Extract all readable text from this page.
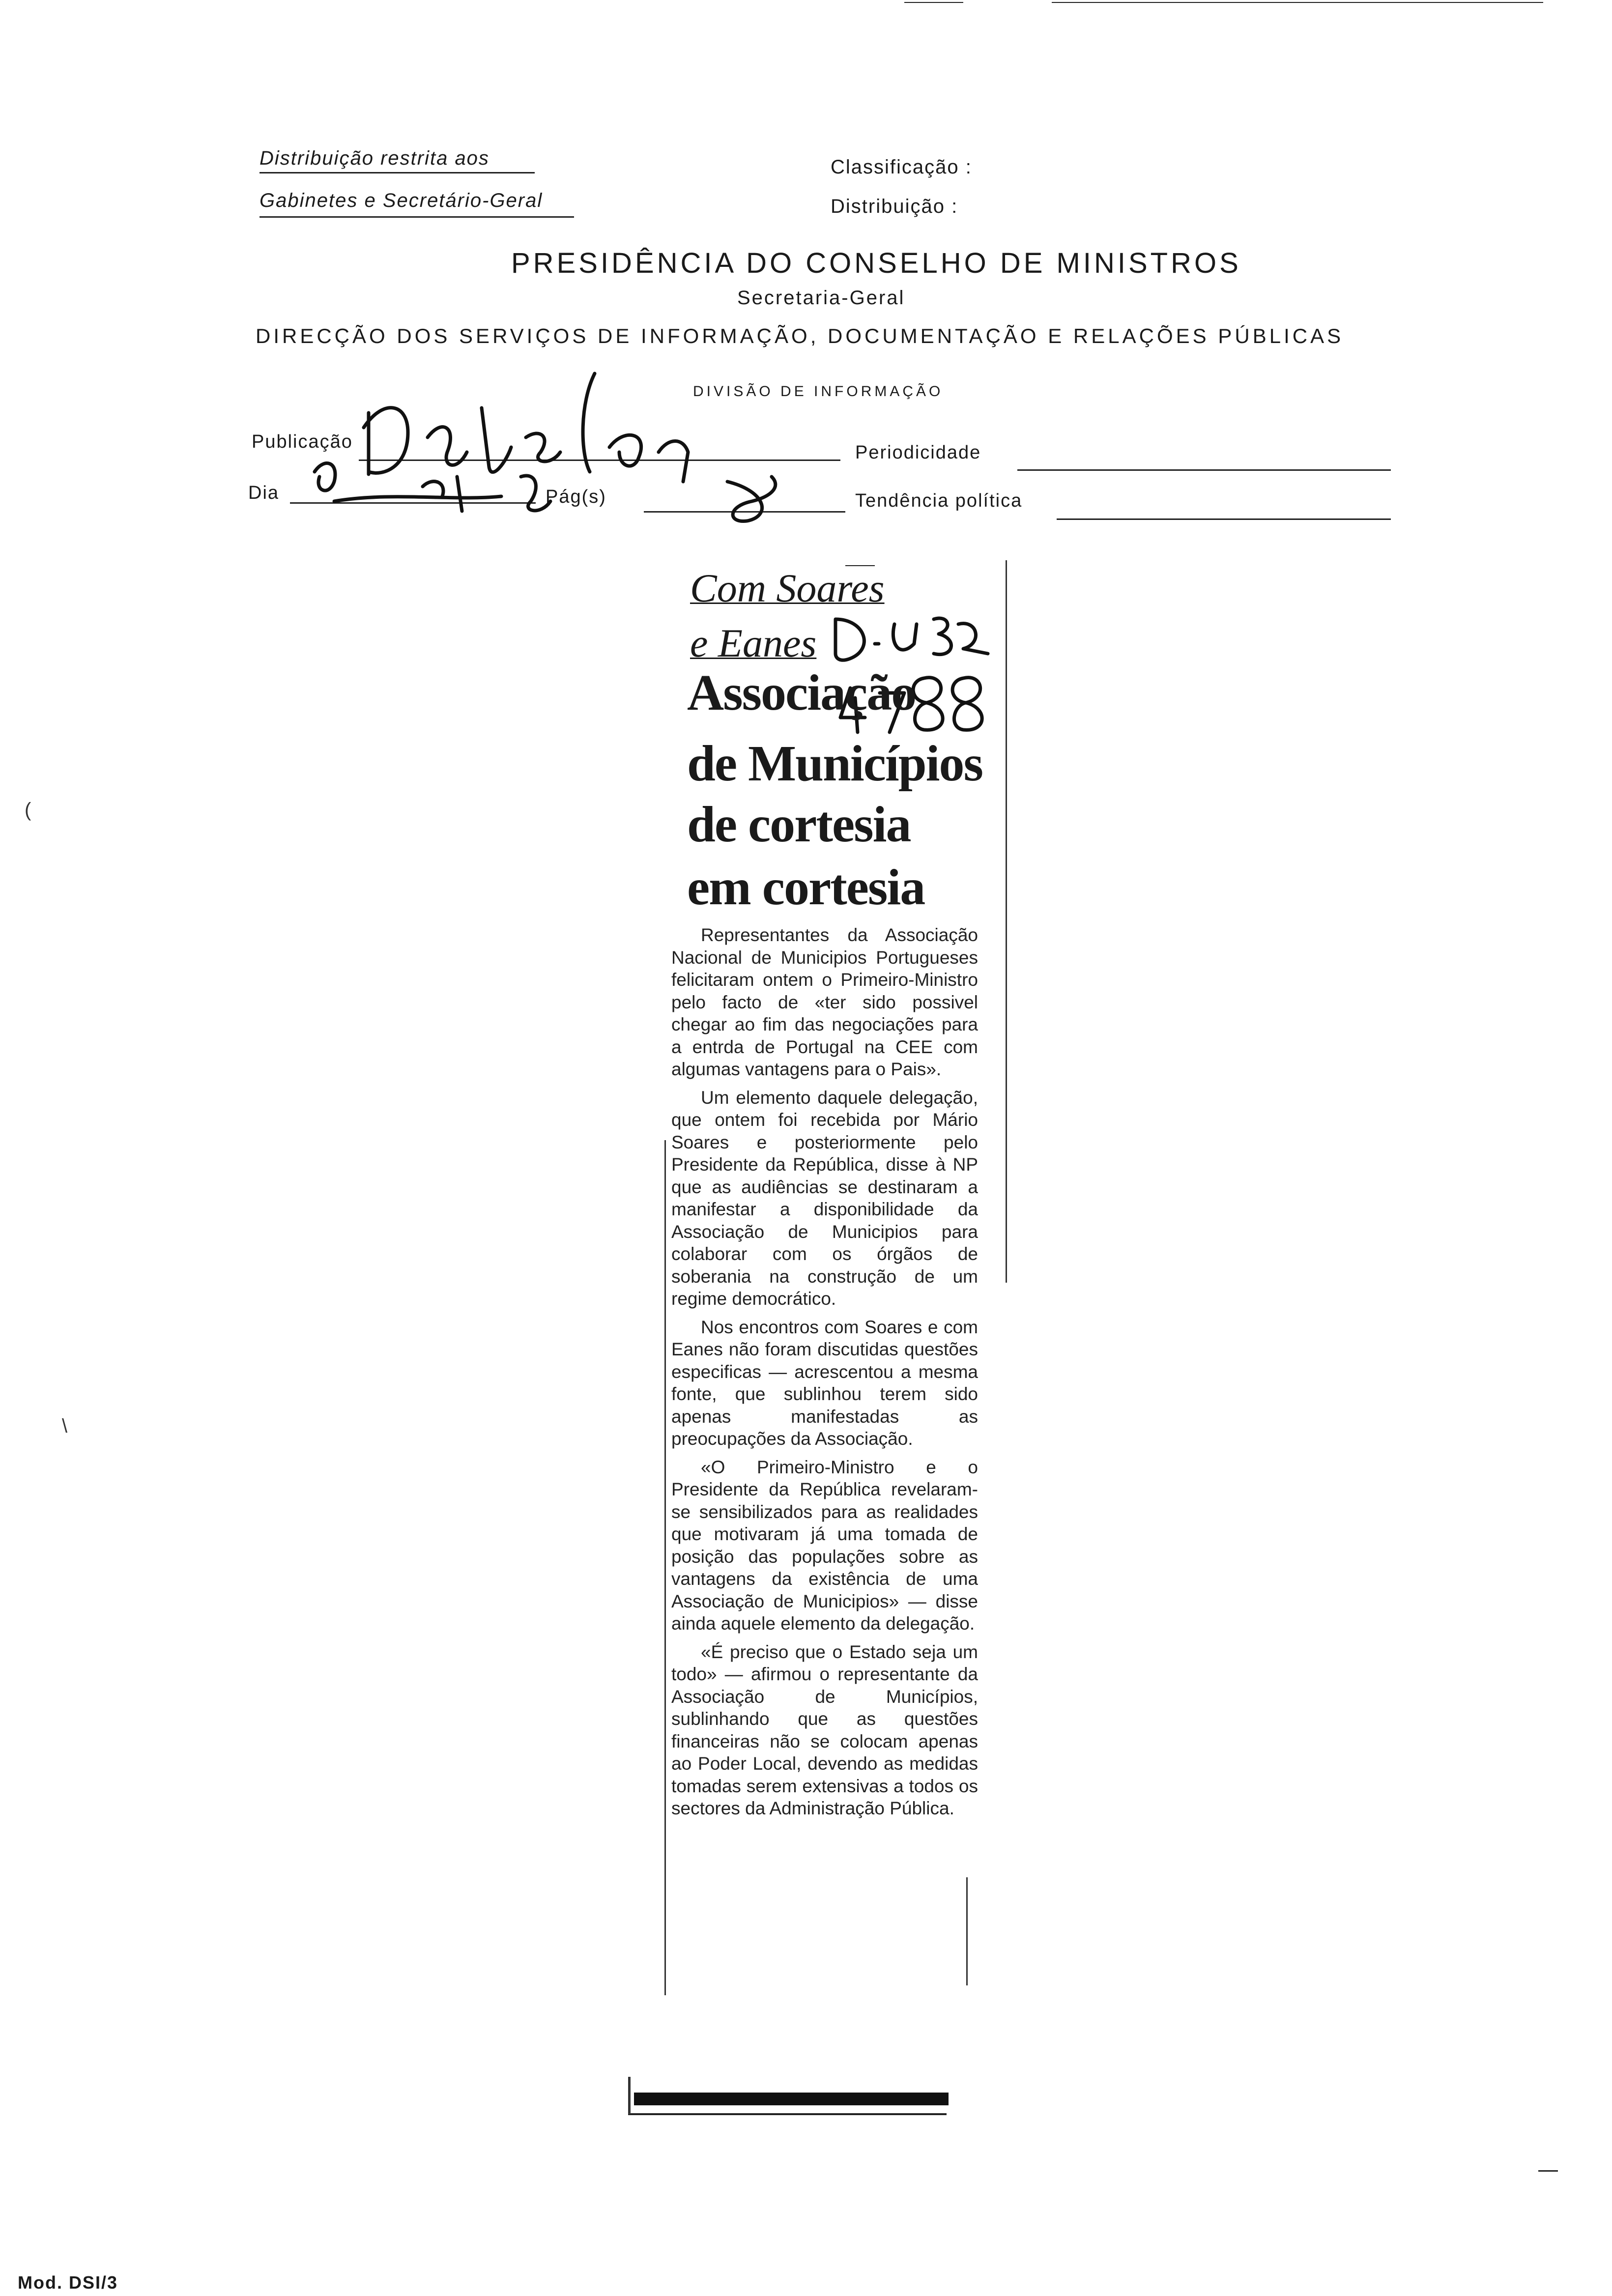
Distribuição restrita aos
Gabinetes e Secretário-Geral
Classificação :
Distribuição :
PRESIDÊNCIA DO CONSELHO DE MINISTROS
Secretaria-Geral
DIRECÇÃO DOS SERVIÇOS DE INFORMAÇÃO, DOCUMENTAÇÃO E RELAÇÕES PÚBLICAS
DIVISÃO DE INFORMAÇÃO
Publicação
Periodicidade
Dia	Pág(s)	Tendência política
Com Soares
e Eanes
Associação
de Municípios
de cortesia
em cortesia

Representantes da Associação Nacional de Municipios Portugueses felicitaram ontem o Primeiro-Ministro pelo facto de «ter sido possivel chegar ao fim das negociações para a entrda de Portugal na CEE com algumas vantagens para o Pais».

Um elemento daquele delegação, que ontem foi recebida por Mário Soares e posteriormente pelo Presidente da República, disse à NP que as audiências se destinaram a manifestar a disponibilidade da Associação de Municipios para colaborar com os órgãos de soberania na construção de um regime democrático.

Nos encontros com Soares e com Eanes não foram discutidas questões especificas — acrescentou a mesma fonte, que sublinhou terem sido apenas manifestadas as preocupações da Associação.

«O Primeiro-Ministro e o Presidente da República revelaram-se sensibilizados para as realidades que motivaram já uma tomada de posição das populações sobre as vantagens da existência de uma Associação de Municipios» — disse ainda aquele elemento da delegação.

«É preciso que o Estado seja um todo» — afirmou o representante da Associação de Municípios, sublinhando que as questões financeiras não se colocam apenas ao Poder Local, devendo as medidas tomadas serem extensivas a todos os sectores da Administração Pública.

(
\
Mod. DSI/3
